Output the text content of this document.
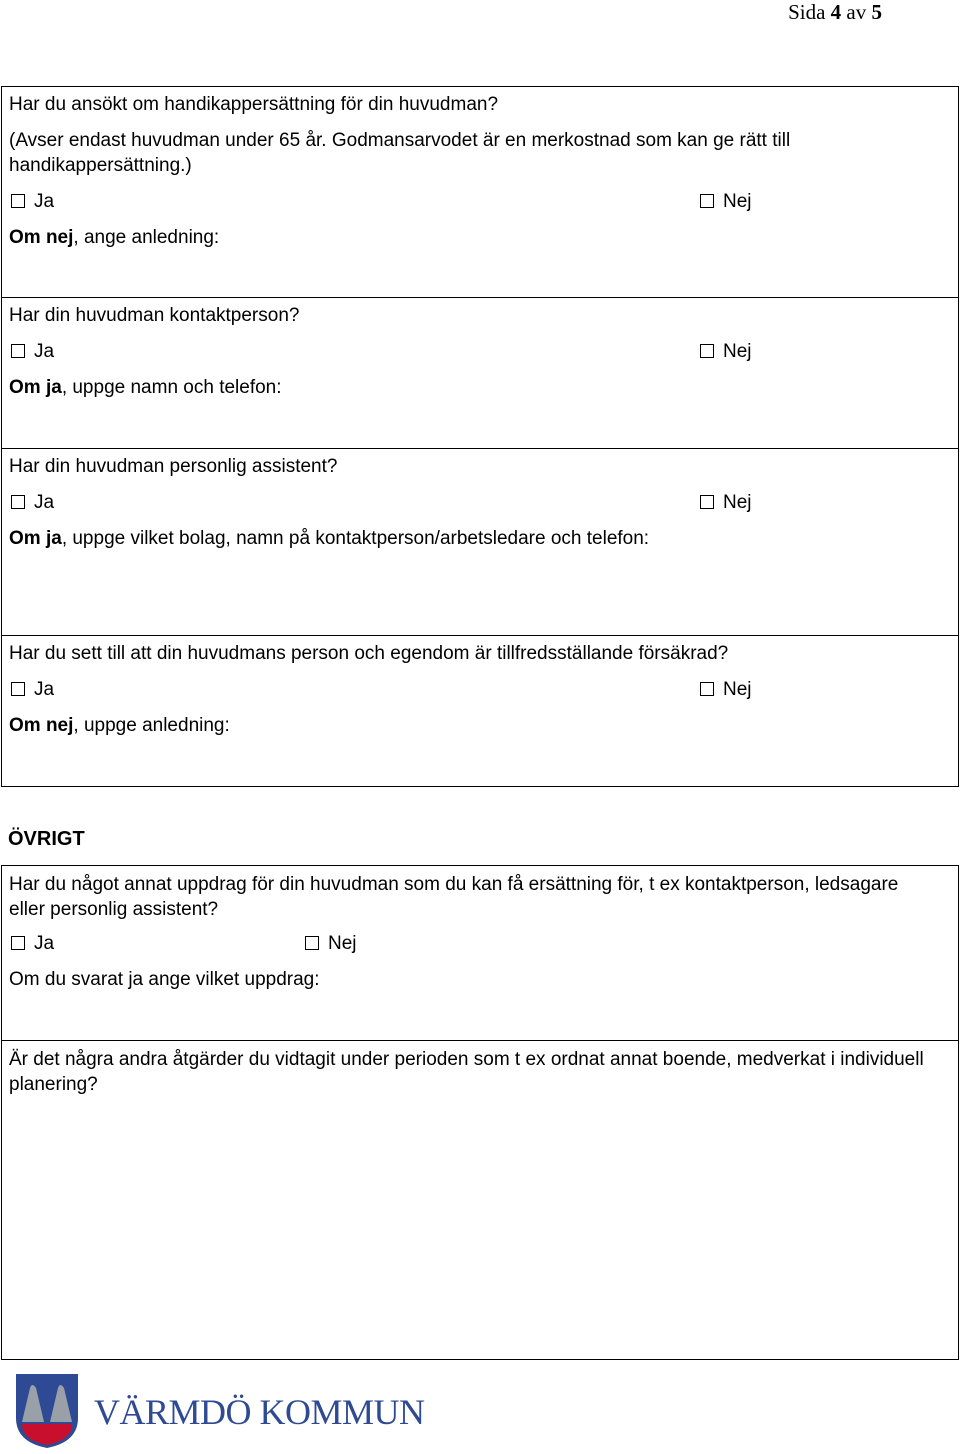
Sida 4 av 5
Har du ansökt om handikappersättning för din huvudman?
(Avser endast huvudman under 65 år. Godmansarvodet är en merkostnad som kan ge rätt till handikappersättning.)
Ja	Nej
Om nej, ange anledning:
Har din huvudman kontaktperson?
Ja	Nej
Om ja, uppge namn och telefon:
Har din huvudman personlig assistent?
Ja	Nej
Om ja, uppge vilket bolag, namn på kontaktperson/arbetsledare och telefon:
Har du sett till att din huvudmans person och egendom är tillfredsställande försäkrad?
Ja	Nej
Om nej, uppge anledning:
ÖVRIGT
Har du något annat uppdrag för din huvudman som du kan få ersättning för, t ex kontaktperson, ledsagare eller personlig assistent?
Ja	Nej
Om du svarat ja ange vilket uppdrag:
Är det några andra åtgärder du vidtagit under perioden som t ex ordnat annat boende, medverkat i individuell planering?
VÄRMDÖ KOMMUN
